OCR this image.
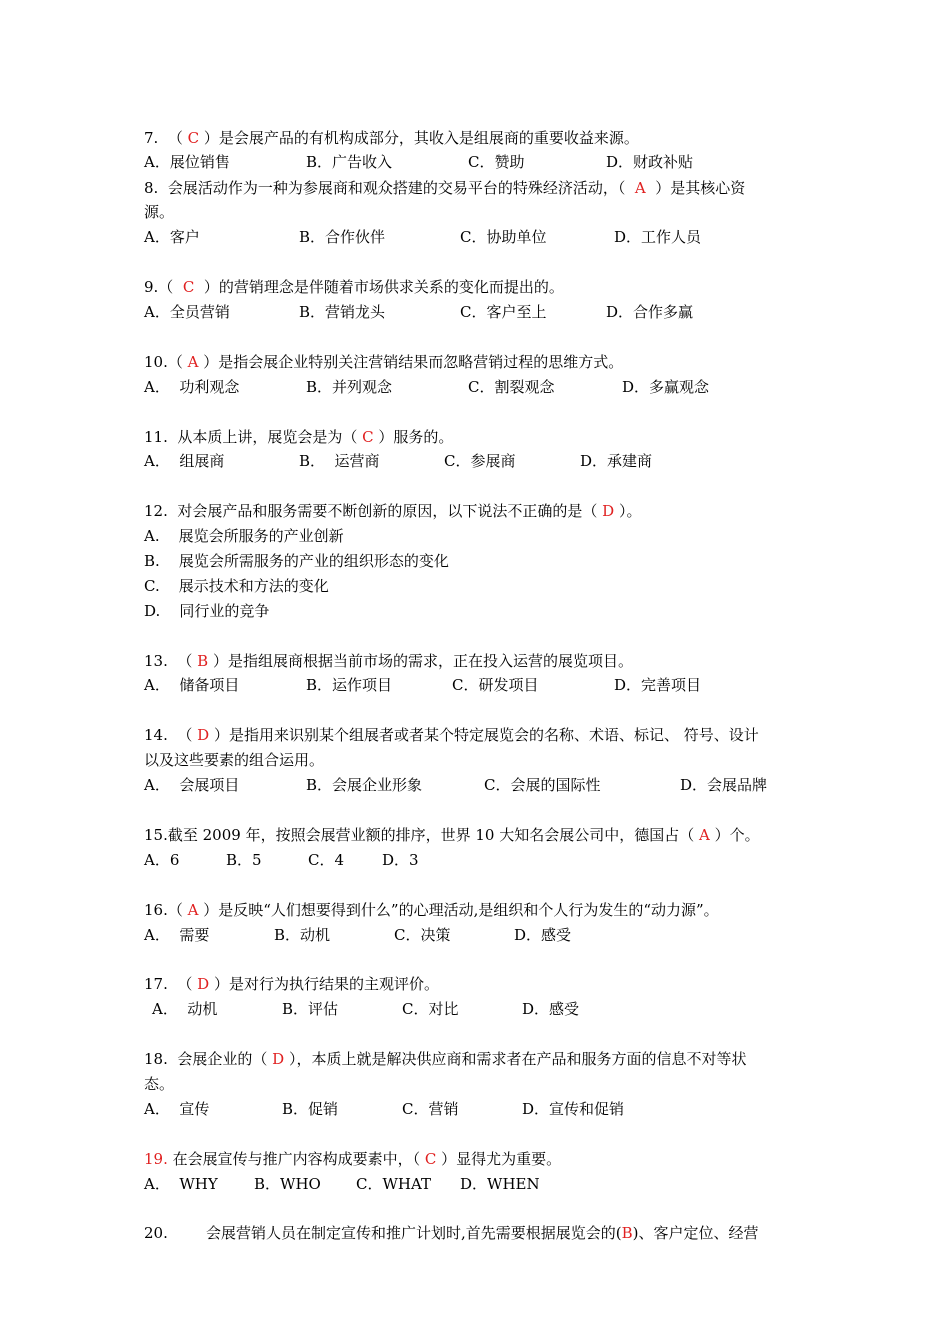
7.  （ C ）是会展产品的有机构成部分，其收入是组展商的重要收益来源。

A．展位销售

	B．广告收入

	C．赞助

	D．财政补贴

8.  会展活动作为一种为参展商和观众搭建的交易平台的特殊经济活动，（  A  ）是其核心资
源。

A．客户

	B．合作伙伴

	C．协助单位

	D．工作人员

9.（  C  ）的营销理念是伴随着市场供求关系的变化而提出的。

A．全员营销

	B．营销龙头

	C．客户至上

	D．合作多赢

10.（ A ）是指会展企业特别关注营销结果而忽略营销过程的思维方式。

A．  功利观念

	B．并列观念

	C．割裂观念

	D．多赢观念

11.  从本质上讲，展览会是为（ C ）服务的。

A．  组展商

	B．  运营商

	C．参展商

	D．承建商

12.  对会展产品和服务需要不断创新的原因，以下说法不正确的是（ D ）。
A.    展览会所服务的产业创新
B.    展览会所需服务的产业的组织形态的变化
C.    展示技术和方法的变化
D.    同行业的竞争
13.  （ B ）是指组展商根据当前市场的需求，正在投入运营的展览项目。

A．  储备项目

	B．运作项目

	C．研发项目

	D．完善项目

14.  （ D ）是指用来识别某个组展者或者某个特定展览会的名称、术语、标记、 符号、设计
以及这些要素的组合运用。

A．  会展项目

	B．会展企业形象

	C．会展的国际性

	D．会展品牌

15.截至 2009 年，按照会展营业额的排序，世界 10 大知名会展公司中，德国占（ A ）个。

A．6

	B．5

	C．4

	D．3

16.（ A ）是反映“人们想要得到什么”的心理活动,是组织和个人行为发生的“动力源”。

A．  需要

	B．动机

	C．决策

	D．感受

17.  （ D ）是对行为执行结果的主观评价。

A．  动机

	B．评估

	C．对比

	D．感受

18.  会展企业的（ D ），本质上就是解决供应商和需求者在产品和服务方面的信息不对等状
态。

A．  宣传

	B．促销

	C．营销

	D．宣传和促销

19. 在会展宣传与推广内容构成要素中，（ C ）显得尤为重要。

A．  WHY

B．WHO

C．WHAT

D．WHEN

20.        会展营销人员在制定宣传和推广计划时,首先需要根据展览会的(B)、客户定位、经营
